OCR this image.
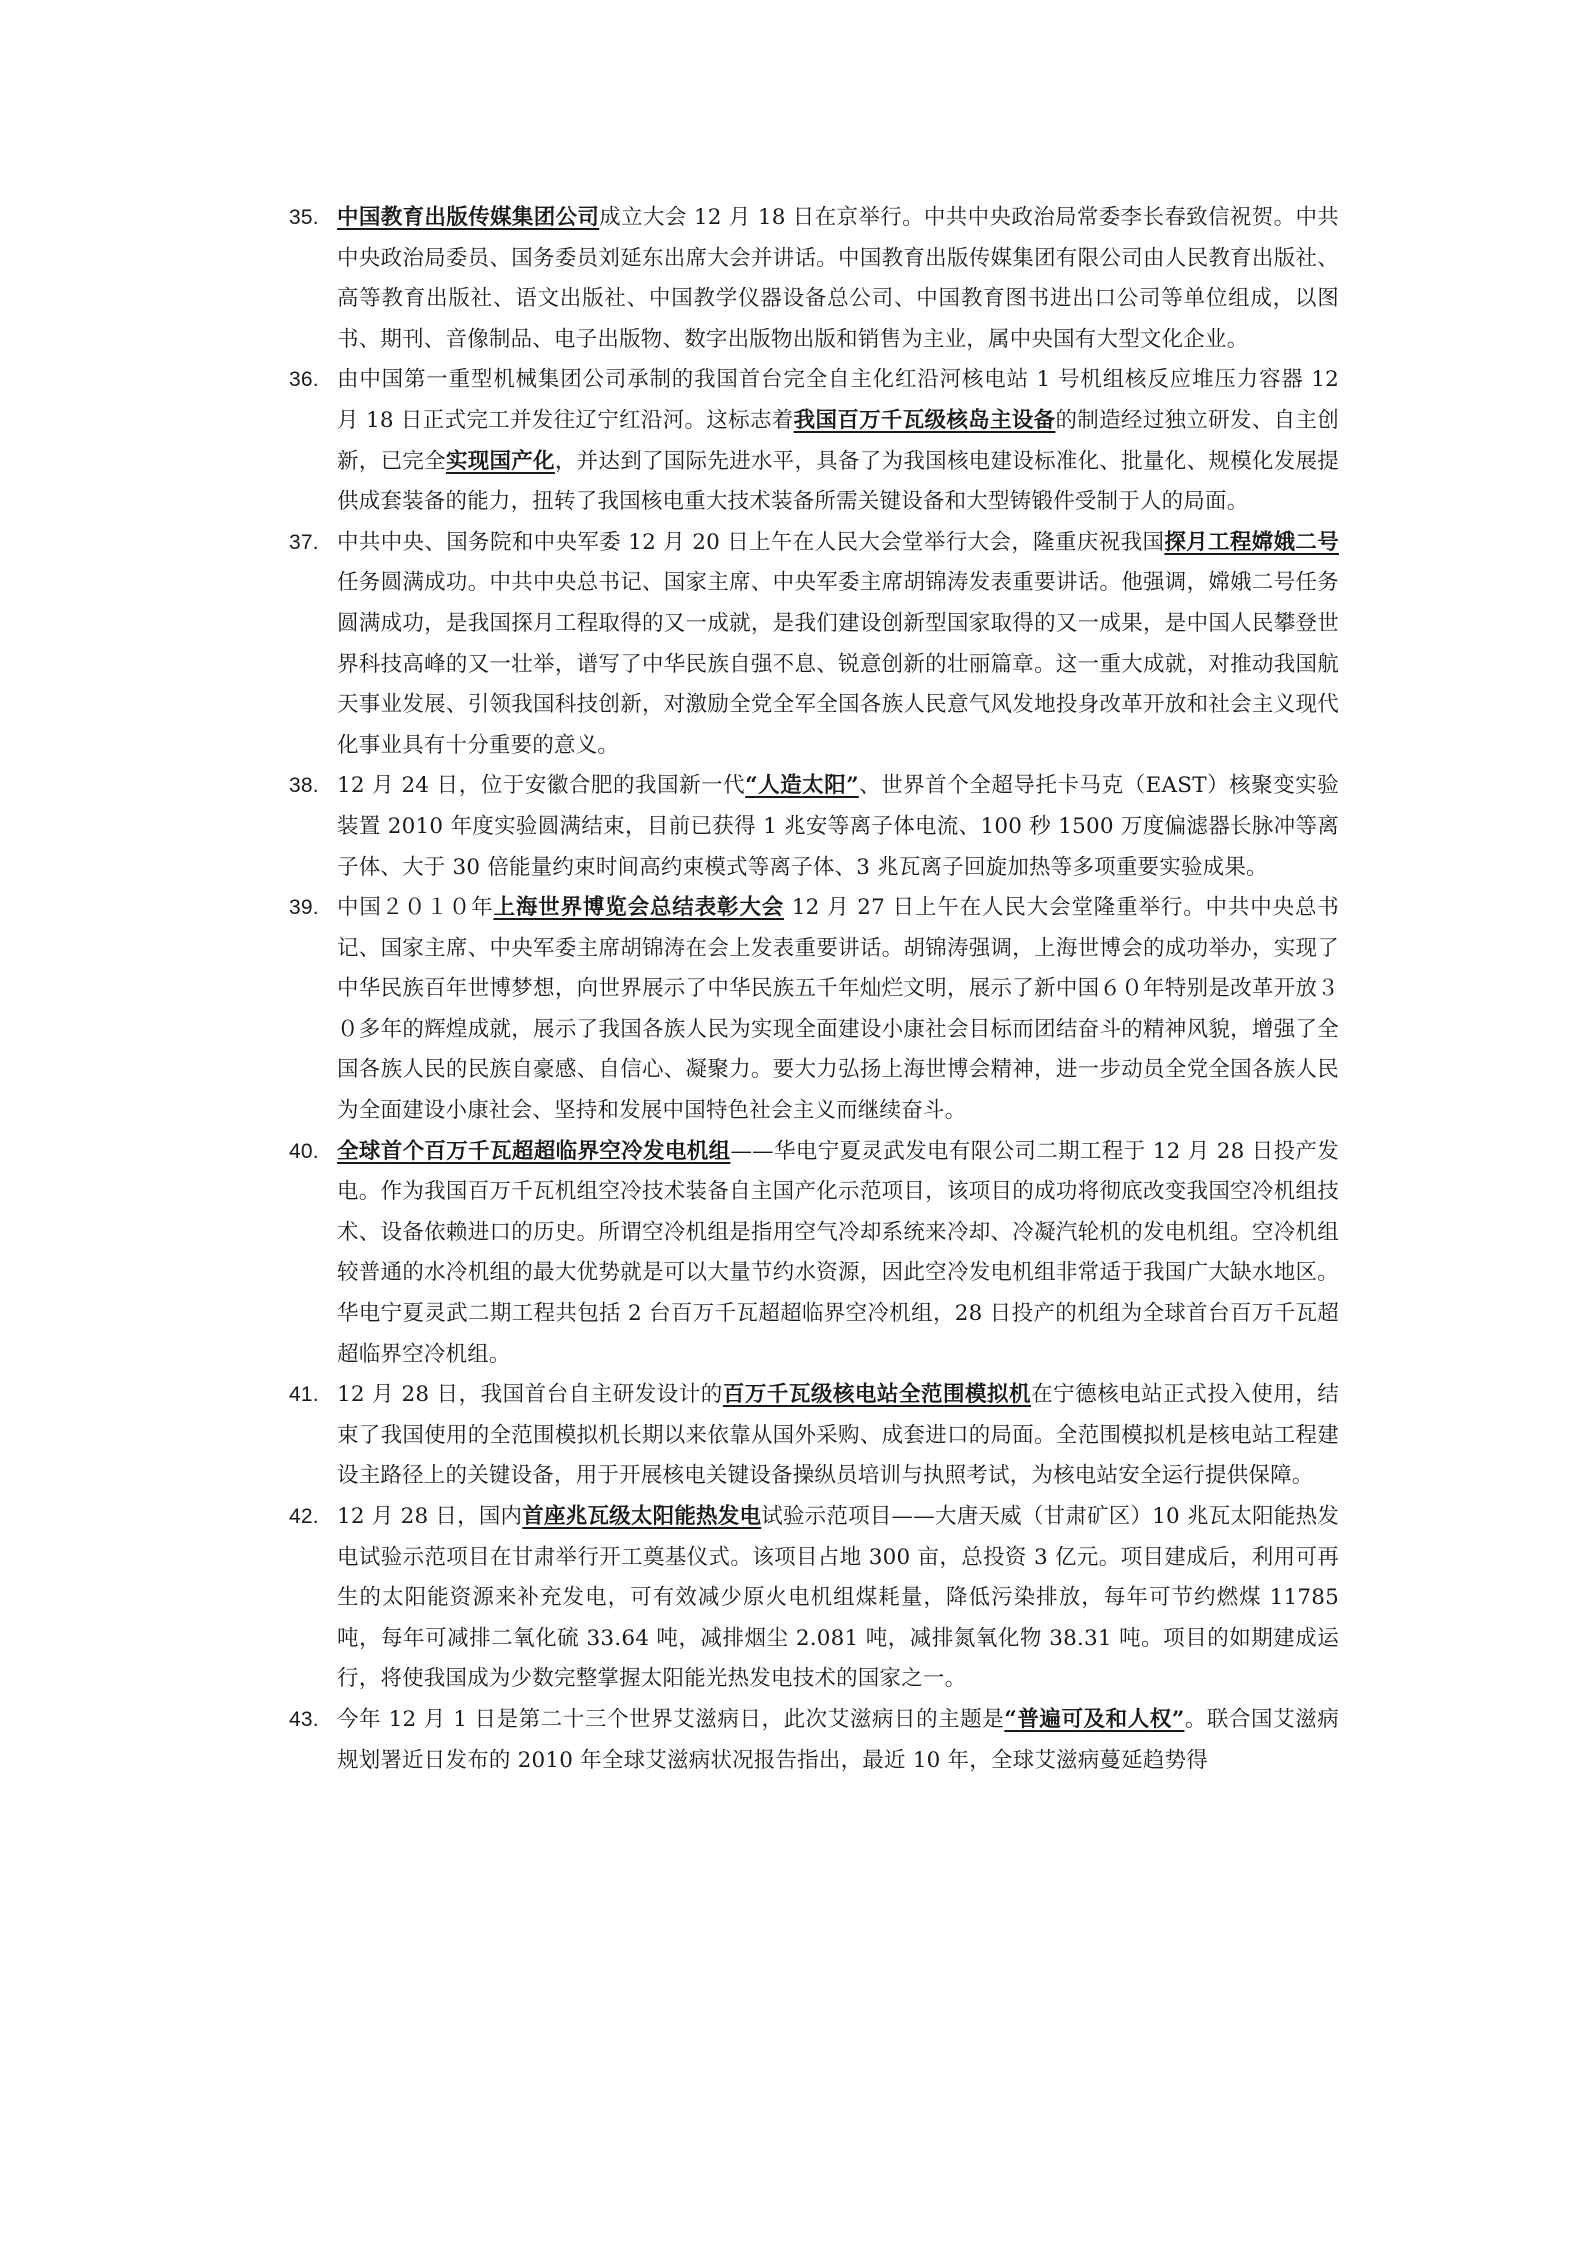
35. 中国教育出版传媒集团公司成立大会 12 月 18 日在京举行。中共中央政治局常委李长春致信祝贺。中共中央政治局委员、国务委员刘延东出席大会并讲话。中国教育出版传媒集团有限公司由人民教育出版社、高等教育出版社、语文出版社、中国教学仪器设备总公司、中国教育图书进出口公司等单位组成，以图书、期刊、音像制品、电子出版物、数字出版物出版和销售为主业，属中央国有大型文化企业。
36. 由中国第一重型机械集团公司承制的我国首台完全自主化红沿河核电站 1 号机组核反应堆压力容器 12 月 18 日正式完工并发往辽宁红沿河。这标志着我国百万千瓦级核岛主设备的制造经过独立研发、自主创新，已完全实现国产化，并达到了国际先进水平，具备了为我国核电建设标准化、批量化、规模化发展提供成套装备的能力，扭转了我国核电重大技术装备所需关键设备和大型铸锻件受制于人的局面。
37. 中共中央、国务院和中央军委 12 月 20 日上午在人民大会堂举行大会，隆重庆祝我国探月工程嫦娥二号任务圆满成功。中共中央总书记、国家主席、中央军委主席胡锦涛发表重要讲话。他强调，嫦娥二号任务圆满成功，是我国探月工程取得的又一成就，是我们建设创新型国家取得的又一成果，是中国人民攀登世界科技高峰的又一壮举，谱写了中华民族自强不息、锐意创新的壮丽篇章。这一重大成就，对推动我国航天事业发展、引领我国科技创新，对激励全党全军全国各族人民意气风发地投身改革开放和社会主义现代化事业具有十分重要的意义。
38. 12 月 24 日，位于安徽合肥的我国新一代“人造太阳”、世界首个全超导托卡马克（EAST）核聚变实验装置 2010 年度实验圆满结束，目前已获得 1 兆安等离子体电流、100 秒 1500 万度偏滤器长脉冲等离子体、大于 30 倍能量约束时间高约束模式等离子体、3 兆瓦离子回旋加热等多项重要实验成果。
39. 中国２０１０年上海世界博览会总结表彰大会 12 月 27 日上午在人民大会堂隆重举行。中共中央总书记、国家主席、中央军委主席胡锦涛在会上发表重要讲话。胡锦涛强调，上海世博会的成功举办，实现了中华民族百年世博梦想，向世界展示了中华民族五千年灿烂文明，展示了新中国６０年特别是改革开放３０多年的辉煌成就，展示了我国各族人民为实现全面建设小康社会目标而团结奋斗的精神风貌，增强了全国各族人民的民族自豪感、自信心、凝聚力。要大力弘扬上海世博会精神，进一步动员全党全国各族人民为全面建设小康社会、坚持和发展中国特色社会主义而继续奋斗。
40. 全球首个百万千瓦超超临界空冷发电机组——华电宁夏灵武发电有限公司二期工程于 12 月 28 日投产发电。作为我国百万千瓦机组空冷技术装备自主国产化示范项目，该项目的成功将彻底改变我国空冷机组技术、设备依赖进口的历史。所谓空冷机组是指用空气冷却系统来冷却、冷凝汽轮机的发电机组。空冷机组较普通的水冷机组的最大优势就是可以大量节约水资源，因此空冷发电机组非常适于我国广大缺水地区。华电宁夏灵武二期工程共包括 2 台百万千瓦超超临界空冷机组，28 日投产的机组为全球首台百万千瓦超超临界空冷机组。
41. 12 月 28 日，我国首台自主研发设计的百万千瓦级核电站全范围模拟机在宁德核电站正式投入使用，结束了我国使用的全范围模拟机长期以来依靠从国外采购、成套进口的局面。全范围模拟机是核电站工程建设主路径上的关键设备，用于开展核电关键设备操纵员培训与执照考试，为核电站安全运行提供保障。
42. 12 月 28 日，国内首座兆瓦级太阳能热发电试验示范项目——大唐天威（甘肃矿区）10 兆瓦太阳能热发电试验示范项目在甘肃举行开工奠基仪式。该项目占地 300 亩，总投资 3 亿元。项目建成后，利用可再生的太阳能资源来补充发电，可有效减少原火电机组煤耗量，降低污染排放，每年可节约燃煤 11785 吨，每年可减排二氧化硫 33.64 吨，减排烟尘 2.081 吨，减排氮氧化物 38.31 吨。项目的如期建成运行，将使我国成为少数完整掌握太阳能光热发电技术的国家之一。
43. 今年 12 月 1 日是第二十三个世界艾滋病日，此次艾滋病日的主题是“普遍可及和人权”。联合国艾滋病规划署近日发布的 2010 年全球艾滋病状况报告指出，最近 10 年，全球艾滋病蔓延趋势得
